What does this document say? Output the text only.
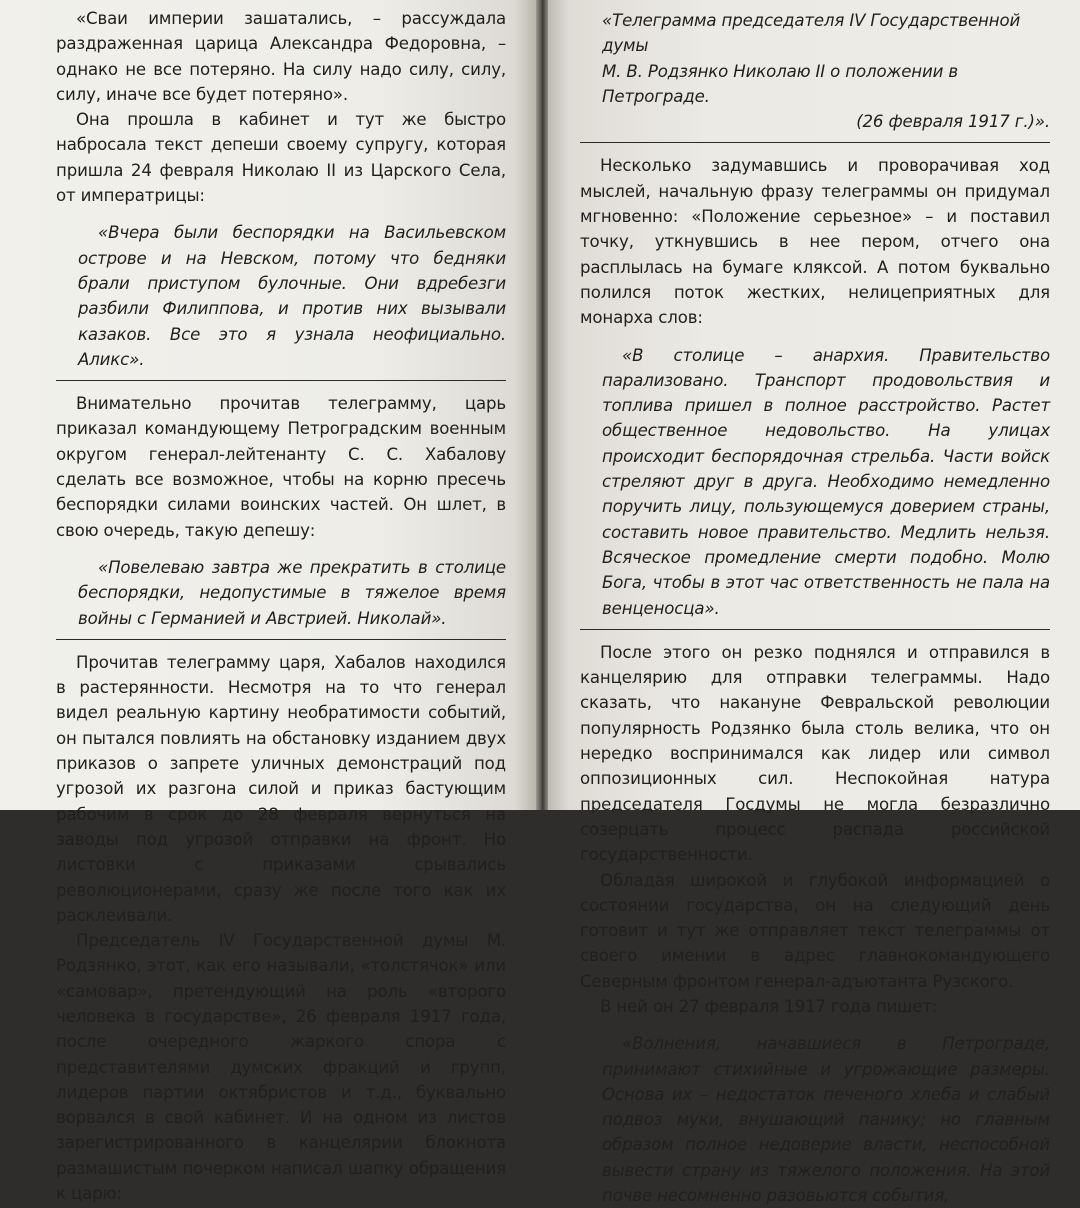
«Сваи империи зашатались, – рассуждала раздраженная царица Александра Федоровна, – однако не все потеряно. На силу надо силу, силу, силу, иначе все будет потеряно».

Она прошла в кабинет и тут же быстро набросала текст депеши своему супругу, которая пришла 24 февраля Николаю II из Царского Села, от императрицы:

«Вчера были беспорядки на Васильевском острове и на Невском, потому что бедняки брали приступом булочные. Они вдребезги разбили Филиппова, и против них вызывали казаков. Все это я узнала неофициально. Аликс».

Внимательно прочитав телеграмму, царь приказал командующему Петроградским военным округом генерал-лейтенанту С. С. Хабалову сделать все возможное, чтобы на корню пресечь беспорядки силами воинских частей. Он шлет, в свою очередь, такую депешу:

«Повелеваю завтра же прекратить в столице беспорядки, недопустимые в тяжелое время войны с Германией и Австрией. Николай».

Прочитав телеграмму царя, Хабалов находился в растерянности. Несмотря на то что генерал видел реальную картину необратимости событий, он пытался повлиять на обстановку изданием двух приказов о запрете уличных демонстраций под угрозой их разгона силой и приказ бастующим рабочим в срок до 28 февраля вернуться на заводы под угрозой отправки на фронт. Но листовки с приказами срывались революционерами, сразу же после того как их расклеивали.

Председатель IV Государственной думы М. Родзянко, этот, как его называли, «толстячок» или «самовар», претендующий на роль «второго человека в государстве», 26 февраля 1917 года, после очередного жаркого спора с представителями думских фракций и групп, лидеров партии октябристов и т.д., буквально ворвался в свой кабинет. И на одном из листов зарегистрированного в канцелярии блокнота размашистым почерком написал шапку обращения к царю:

«Телеграмма председателя IV Государственной думы
М. В. Родзянко Николаю II о положении в Петрограде.
(26 февраля 1917 г.)».

Несколько задумавшись и проворачивая ход мыслей, начальную фразу телеграммы он придумал мгновенно: «Положение серьезное» – и поставил точку, уткнувшись в нее пером, отчего она расплылась на бумаге кляксой. А потом буквально полился поток жестких, нелицеприятных для монарха слов:

«В столице – анархия. Правительство парализовано. Транспорт продовольствия и топлива пришел в полное расстройство. Растет общественное недовольство. На улицах происходит беспорядочная стрельба. Части войск стреляют друг в друга. Необходимо немедленно поручить лицу, пользующемуся доверием страны, составить новое правительство. Медлить нельзя. Всяческое промедление смерти подобно. Молю Бога, чтобы в этот час ответственность не пала на венценосца».

После этого он резко поднялся и отправился в канцелярию для отправки телеграммы. Надо сказать, что накануне Февральской революции популярность Родзянко была столь велика, что он нередко воспринимался как лидер или символ оппозиционных сил. Неспокойная натура председателя Госдумы не могла безразлично созерцать процесс распада российской государственности.

Обладая широкой и глубокой информацией о состоянии государства, он на следующий день готовит и тут же отправляет текст телеграммы от своего имении в адрес главнокомандующего Северным фронтом генерал-адъютанта Рузского.

В ней он 27 февраля 1917 года пишет:

«Волнения, начавшиеся в Петрограде, принимают стихийные и угрожающие размеры. Основа их – недостаток печеного хлеба и слабый подвоз муки, внушающий панику; но главным образом полное недоверие власти, неспособной вывести страну из тяжелого положения. На этой почве несомненно разовьются события,
